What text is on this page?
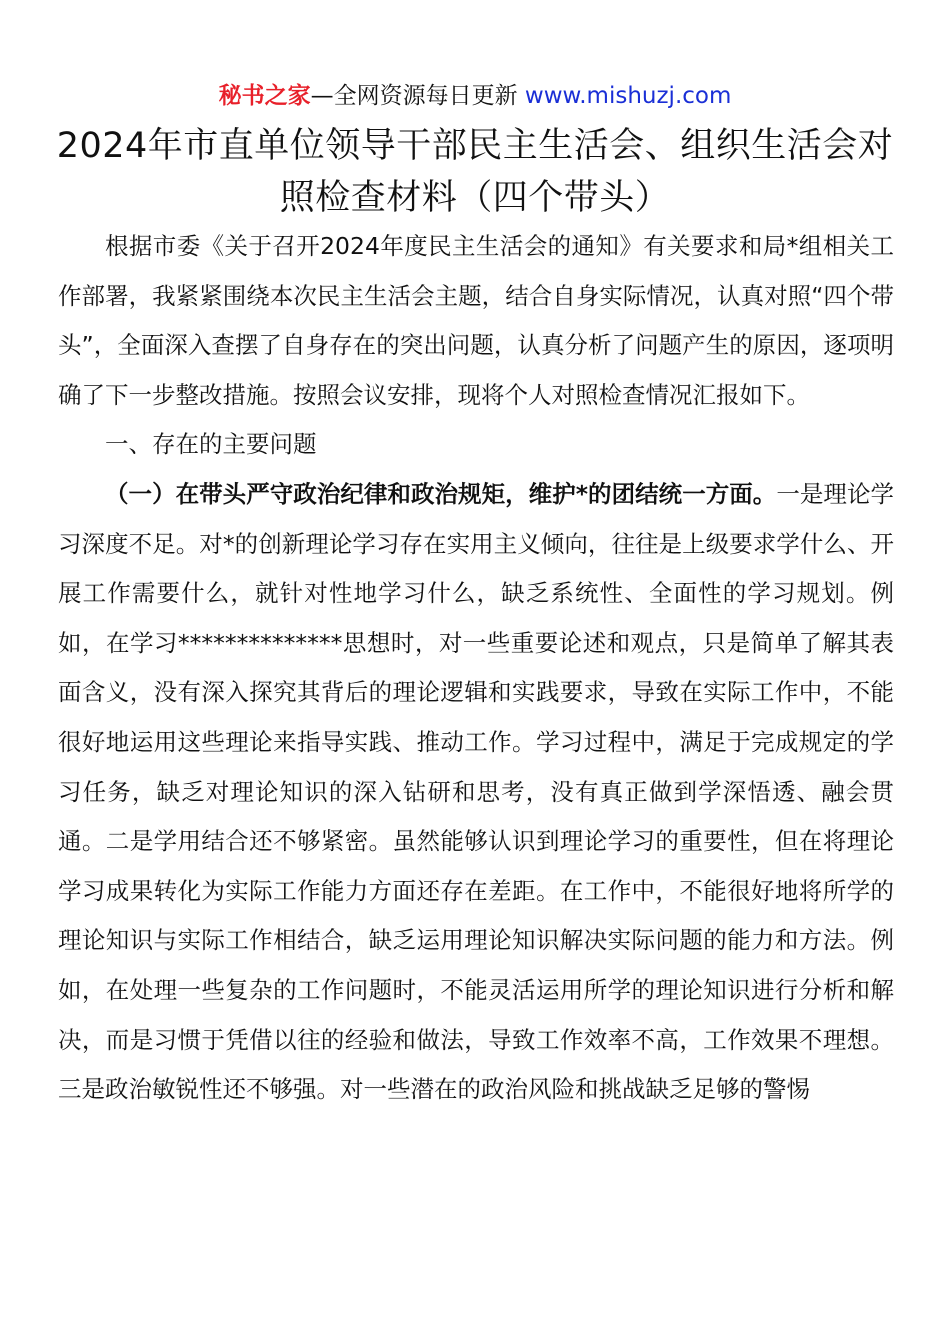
秘书之家—全网资源每日更新 www.mishuzj.com
2024年市直单位领导干部民主生活会、组织生活会对照检查材料（四个带头）

根据市委《关于召开2024年度民主生活会的通知》有关要求和局*组相关工作部署，我紧紧围绕本次民主生活会主题，结合自身实际情况，认真对照“四个带头”，全面深入查摆了自身存在的突出问题，认真分析了问题产生的原因，逐项明确了下一步整改措施。按照会议安排，现将个人对照检查情况汇报如下。

一、存在的主要问题

（一）在带头严守政治纪律和政治规矩，维护*的团结统一方面。一是理论学习深度不足。对*的创新理论学习存在实用主义倾向，往往是上级要求学什么、开展工作需要什么，就针对性地学习什么，缺乏系统性、全面性的学习规划。例如，在学习**************思想时，对一些重要论述和观点，只是简单了解其表面含义，没有深入探究其背后的理论逻辑和实践要求，导致在实际工作中，不能很好地运用这些理论来指导实践、推动工作。学习过程中，满足于完成规定的学习任务，缺乏对理论知识的深入钻研和思考，没有真正做到学深悟透、融会贯通。二是学用结合还不够紧密。虽然能够认识到理论学习的重要性，但在将理论学习成果转化为实际工作能力方面还存在差距。在工作中，不能很好地将所学的理论知识与实际工作相结合，缺乏运用理论知识解决实际问题的能力和方法。例如，在处理一些复杂的工作问题时，不能灵活运用所学的理论知识进行分析和解决，而是习惯于凭借以往的经验和做法，导致工作效率不高，工作效果不理想。三是政治敏锐性还不够强。对一些潜在的政治风险和挑战缺乏足够的警惕
